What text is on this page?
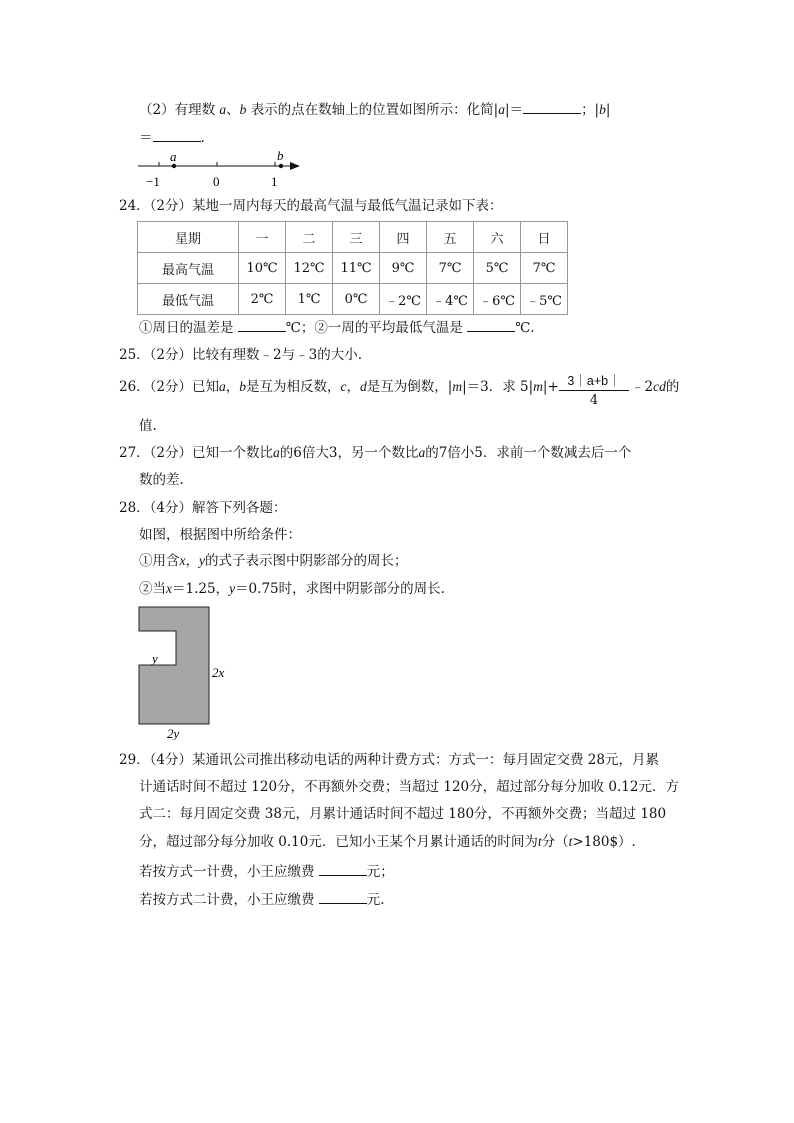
（2）有理数 a、b 表示的点在数轴上的位置如图所示：化简|a|＝	；|b|
＝	.
a	b
−1	0	1
24．（2分）某地一周内每天的最高气温与最低气温记录如下表：
星期	一	二	三	四	五	六	日
最高气温	10℃	12℃	11℃	9℃	7℃	5℃	7℃
最低气温	2℃	1℃	0℃	﹣2℃	﹣4℃	﹣6℃	﹣5℃
①周日的温差是	℃；②一周的平均最低气温是	℃.
25．（2分）比较有理数﹣2与﹣3的大小.
26．（2分）已知a，b是互为相反数，c，d是互为倒数，|m|＝3．求 $5|m|+ \frac{3|a+b|}{4}$ ﹣2cd的
值.
27．（2分）已知一个数比a的6倍大3，另一个数比a的7倍小5．求前一个数减去后一个
数的差.
28．（4分）解答下列各题：
如图，根据图中所给条件：
①用含x，y的式子表示图中阴影部分的周长；
②当x＝1.25，y＝0.75时，求图中阴影部分的周长.
y
2x
2y
29．（4分）某通讯公司推出移动电话的两种计费方式：方式一：每月固定交费 28元，月累
计通话时间不超过 120分，不再额外交费；当超过 120分，超过部分每分加收 0.12元．方
式二：每月固定交费 38元，月累计通话时间不超过 180分，不再额外交费；当超过 180
分，超过部分每分加收 0.10元．已知小王某个月累计通话的时间为t分（t>180$）.
若按方式一计费，小王应缴费	元；
若按方式二计费，小王应缴费	元.
